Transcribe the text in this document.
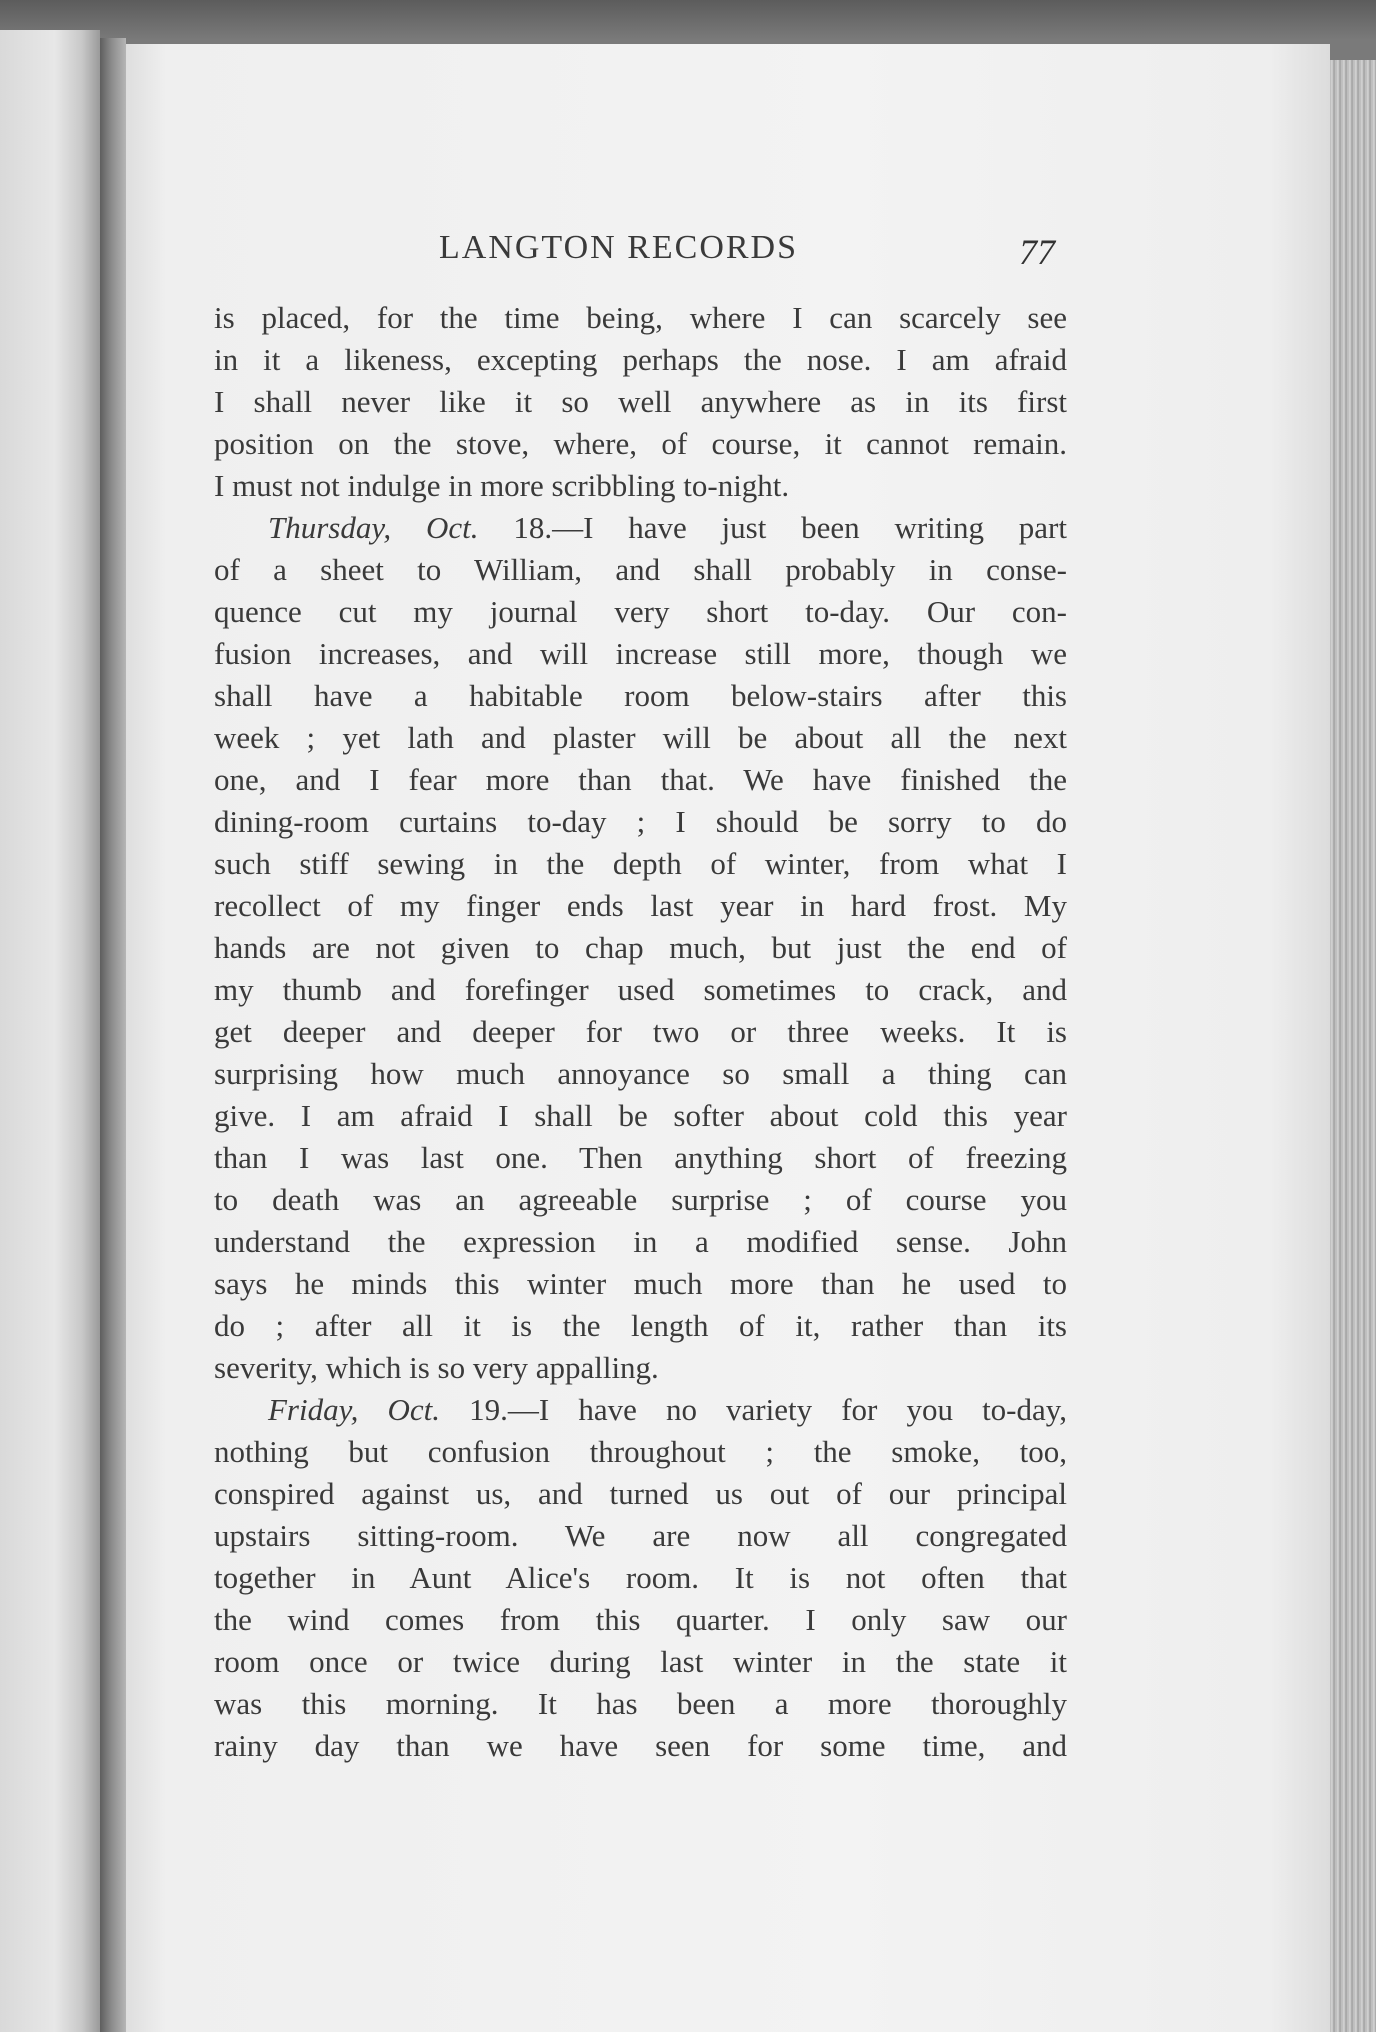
LANGTON RECORDS	77
is placed, for the time being, where I can scarcely see
in it a likeness, excepting perhaps the nose. I am afraid
I shall never like it so well anywhere as in its first
position on the stove, where, of course, it cannot remain.
I must not indulge in more scribbling to-night.
Thursday, Oct. 18.—I have just been writing part
of a sheet to William, and shall probably in conse-
quence cut my journal very short to-day. Our con-
fusion increases, and will increase still more, though we
shall have a habitable room below-stairs after this
week ; yet lath and plaster will be about all the next
one, and I fear more than that. We have finished the
dining-room curtains to-day ; I should be sorry to do
such stiff sewing in the depth of winter, from what I
recollect of my finger ends last year in hard frost. My
hands are not given to chap much, but just the end of
my thumb and forefinger used sometimes to crack, and
get deeper and deeper for two or three weeks. It is
surprising how much annoyance so small a thing can
give. I am afraid I shall be softer about cold this year
than I was last one. Then anything short of freezing
to death was an agreeable surprise ; of course you
understand the expression in a modified sense. John
says he minds this winter much more than he used to
do ; after all it is the length of it, rather than its
severity, which is so very appalling.
Friday, Oct. 19.—I have no variety for you to-day,
nothing but confusion throughout ; the smoke, too,
conspired against us, and turned us out of our principal
upstairs sitting-room. We are now all congregated
together in Aunt Alice's room. It is not often that
the wind comes from this quarter. I only saw our
room once or twice during last winter in the state it
was this morning. It has been a more thoroughly
rainy day than we have seen for some time, and
